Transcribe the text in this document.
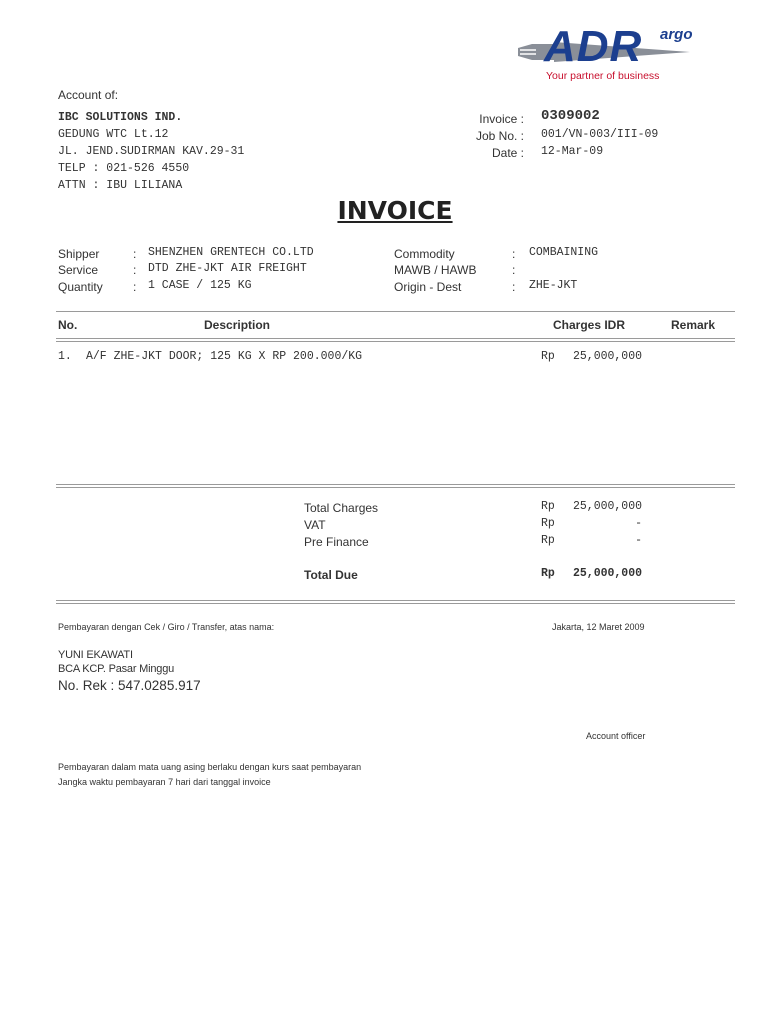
ADR argo
Your partner of business
Account of:
IBC SOLUTIONS IND.
GEDUNG WTC Lt.12
JL. JEND.SUDIRMAN KAV.29-31
TELP : 021-526 4550
ATTN : IBU LILIANA
Invoice : 0309002
Job No. : 001/VN-003/III-09
Date : 12-Mar-09
INVOICE
Shipper	: SHENZHEN GRENTECH CO.LTD
Service	: DTD ZHE-JKT AIR FREIGHT
Quantity	: 1 CASE / 125 KG
Commodity	: COMBAINING
MAWB / HAWB	:
Origin - Dest	: ZHE-JKT
No.	Description	Charges IDR	Remark
1. A/F ZHE-JKT DOOR; 125 KG X RP 200.000/KG	Rp	25,000,000
Total Charges	Rp	25,000,000
VAT	Rp	-
Pre Finance	Rp	-
Total Due	Rp	25,000,000
Pembayaran dengan Cek / Giro / Transfer, atas nama:	Jakarta, 12 Maret 2009
YUNI EKAWATI
BCA KCP. Pasar Minggu
No. Rek : 547.0285.917
Account officer
Pembayaran dalam mata uang asing berlaku dengan kurs saat pembayaran
Jangka waktu pembayaran 7 hari dari tanggal invoice
